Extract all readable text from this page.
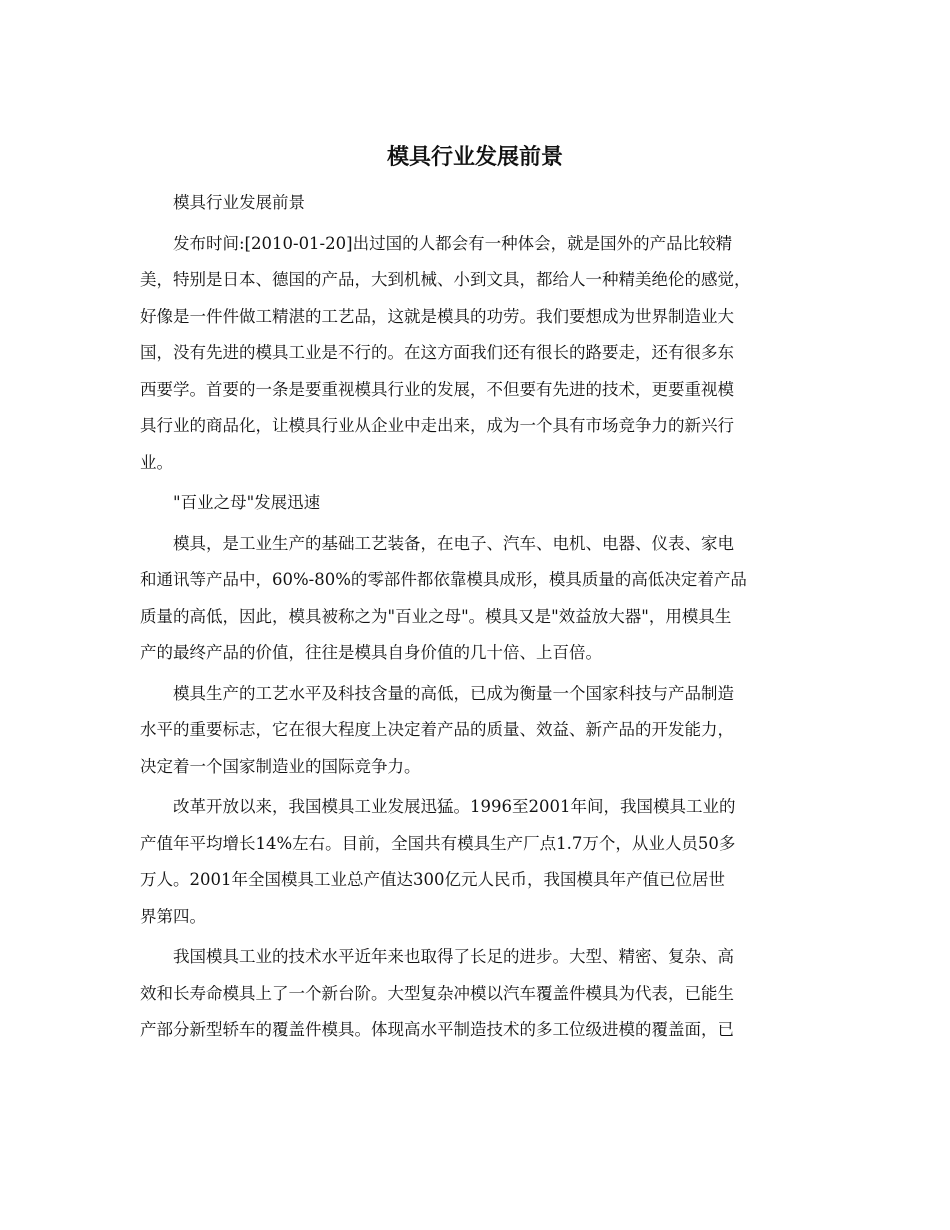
模具行业发展前景

模具行业发展前景

发布时间:[2010-01-20]出过国的人都会有一种体会，就是国外的产品比较精
美，特别是日本、德国的产品，大到机械、小到文具，都给人一种精美绝伦的感觉，
好像是一件件做工精湛的工艺品，这就是模具的功劳。我们要想成为世界制造业大
国，没有先进的模具工业是不行的。在这方面我们还有很长的路要走，还有很多东
西要学。首要的一条是要重视模具行业的发展，不但要有先进的技术，更要重视模
具行业的商品化，让模具行业从企业中走出来，成为一个具有市场竞争力的新兴行
业。

"百业之母"发展迅速

模具，是工业生产的基础工艺装备，在电子、汽车、电机、电器、仪表、家电
和通讯等产品中，60%-80%的零部件都依靠模具成形，模具质量的高低决定着产品
质量的高低，因此，模具被称之为"百业之母"。模具又是"效益放大器"，用模具生
产的最终产品的价值，往往是模具自身价值的几十倍、上百倍。

模具生产的工艺水平及科技含量的高低，已成为衡量一个国家科技与产品制造
水平的重要标志，它在很大程度上决定着产品的质量、效益、新产品的开发能力，
决定着一个国家制造业的国际竞争力。

改革开放以来，我国模具工业发展迅猛。1996至2001年间，我国模具工业的
产值年平均增长14%左右。目前，全国共有模具生产厂点1.7万个，从业人员50多
万人。2001年全国模具工业总产值达300亿元人民币，我国模具年产值已位居世
界第四。

我国模具工业的技术水平近年来也取得了长足的进步。大型、精密、复杂、高
效和长寿命模具上了一个新台阶。大型复杂冲模以汽车覆盖件模具为代表，已能生
产部分新型轿车的覆盖件模具。体现高水平制造技术的多工位级进模的覆盖面，已
